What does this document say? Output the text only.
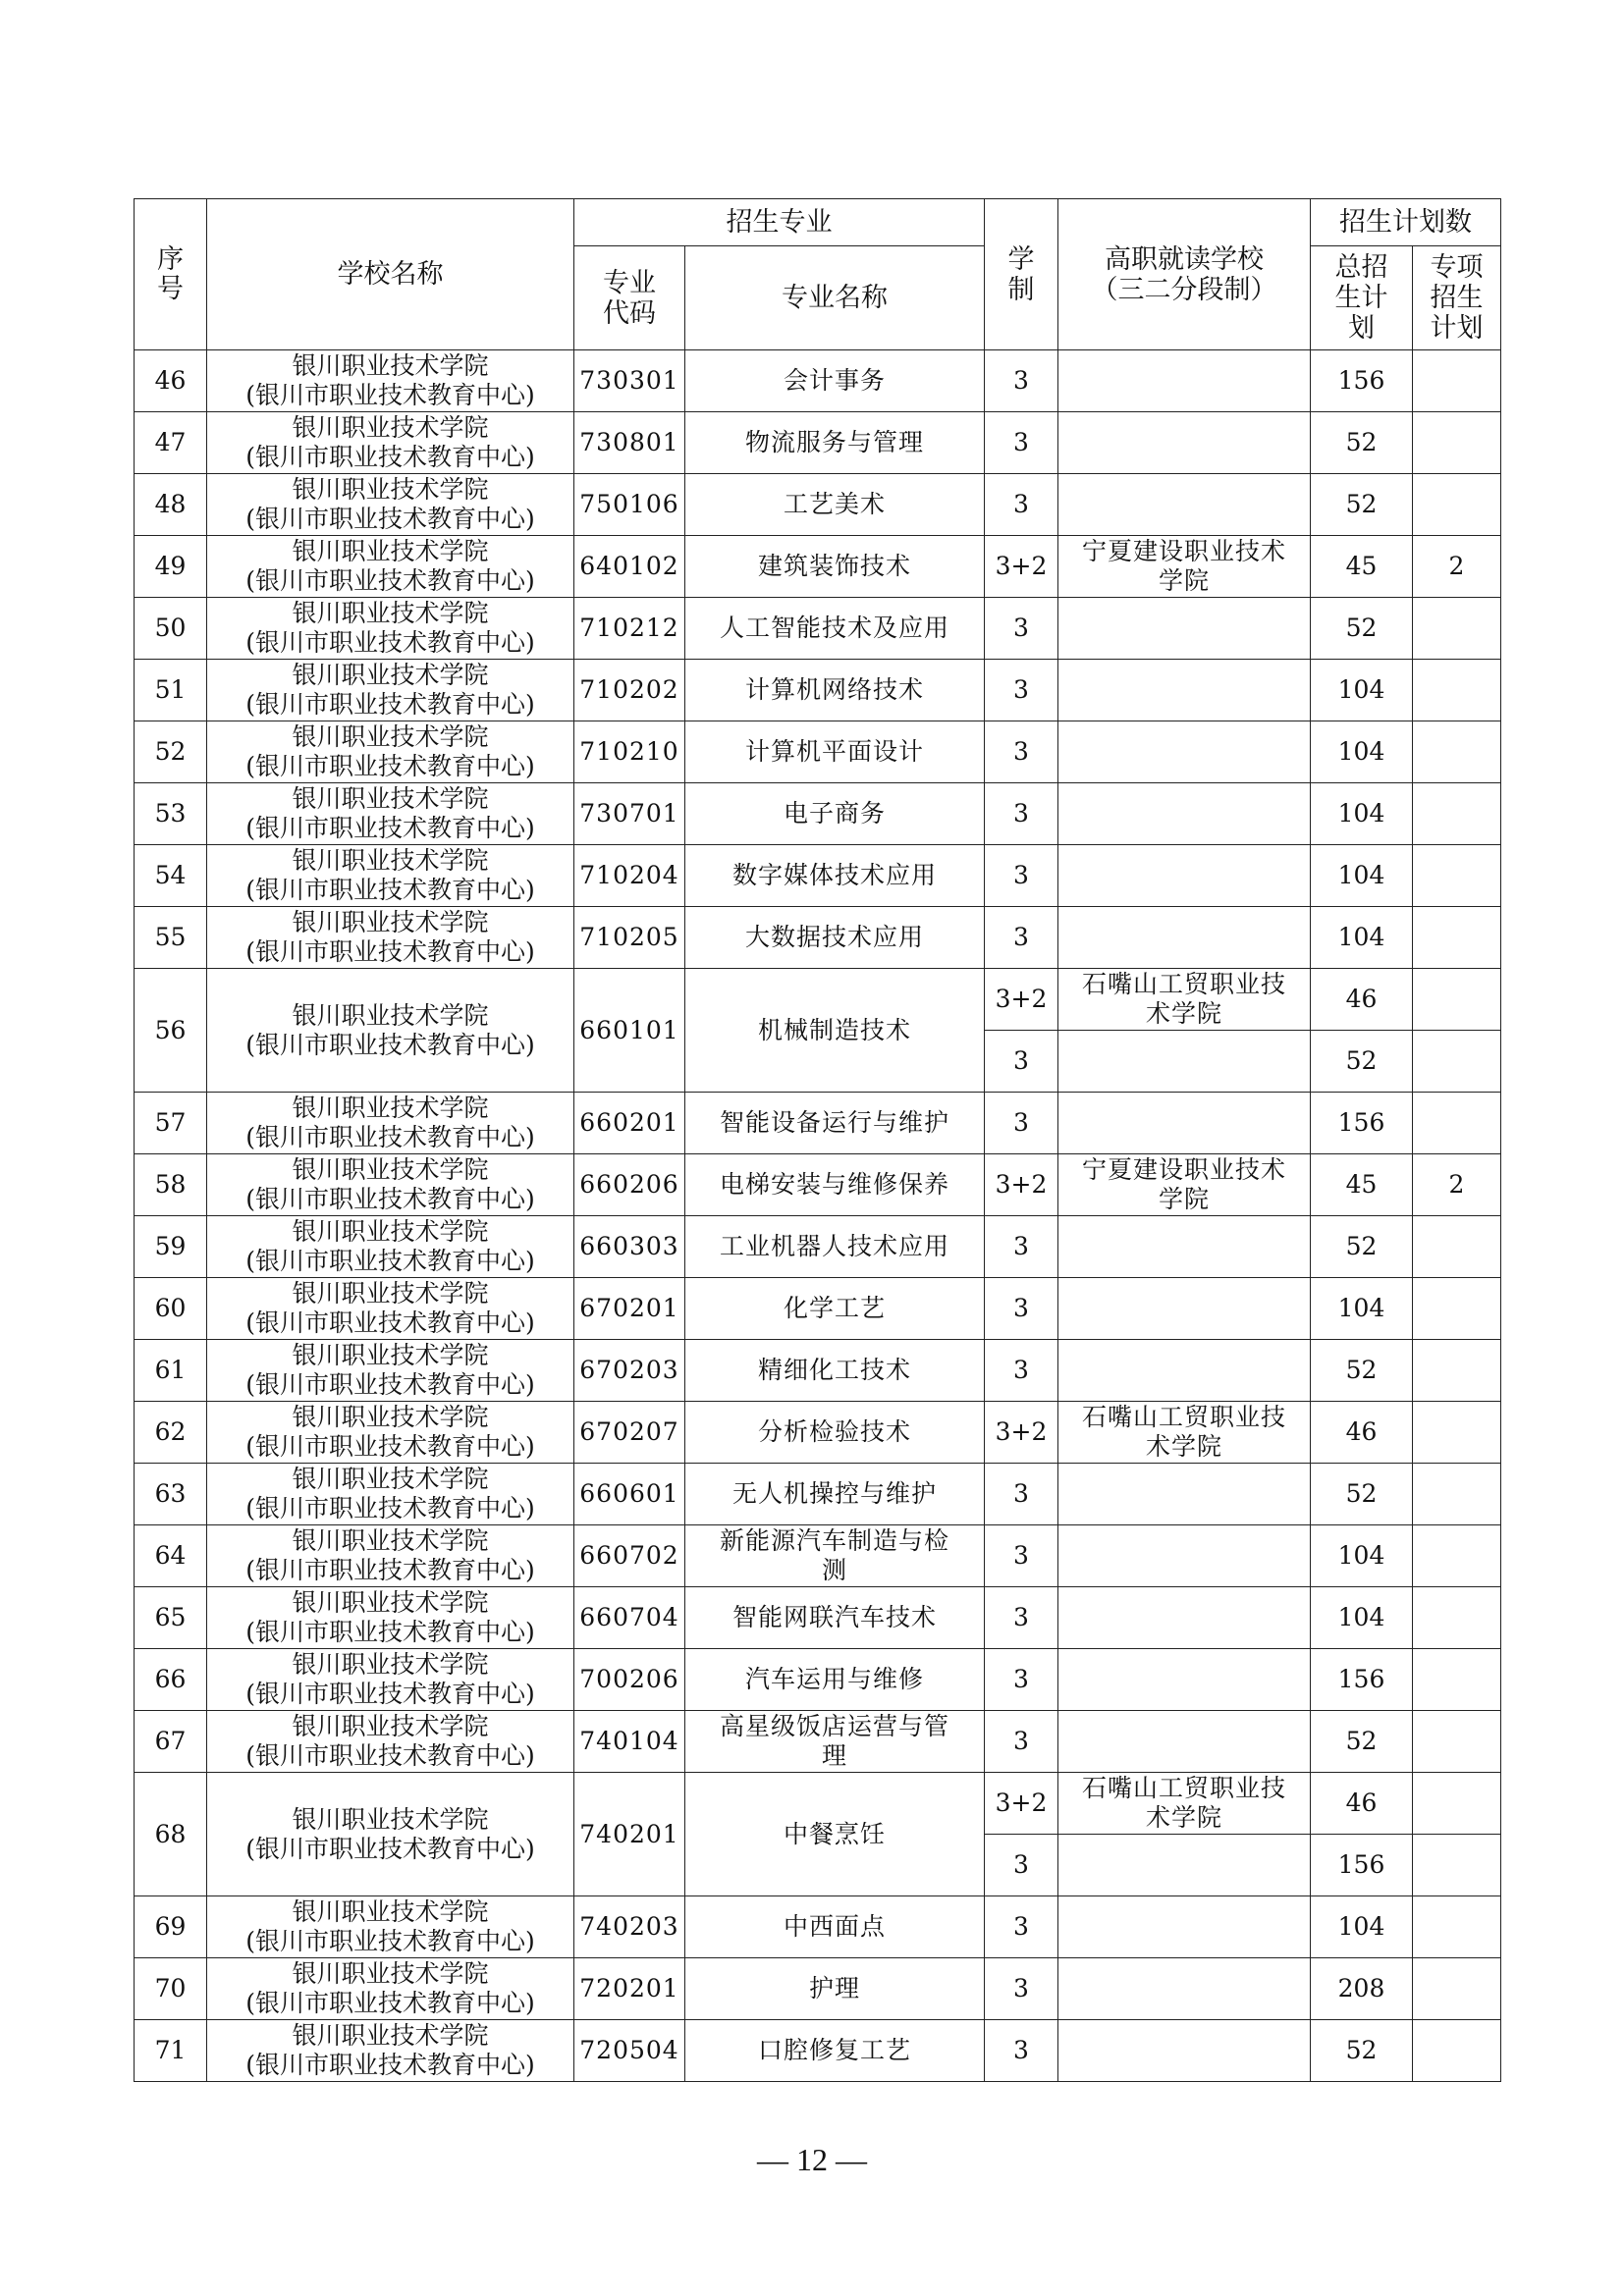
序
号	学校名称	招生专业		学
制	高职就读学校
（三二分段制）	招生计划数	
		专业
代码	专业名称			总招
生计
划	专项
招生
计划
46	银川职业技术学院
(银川市职业技术教育中心)	730301	会计事务	3		156	
47	银川职业技术学院
(银川市职业技术教育中心)	730801	物流服务与管理	3		52	
48	银川职业技术学院
(银川市职业技术教育中心)	750106	工艺美术	3		52	
49	银川职业技术学院
(银川市职业技术教育中心)	640102	建筑装饰技术	3+2	宁夏建设职业技术
学院	45	2
50	银川职业技术学院
(银川市职业技术教育中心)	710212	人工智能技术及应用	3		52	
51	银川职业技术学院
(银川市职业技术教育中心)	710202	计算机网络技术	3		104	
52	银川职业技术学院
(银川市职业技术教育中心)	710210	计算机平面设计	3		104	
53	银川职业技术学院
(银川市职业技术教育中心)	730701	电子商务	3		104	
54	银川职业技术学院
(银川市职业技术教育中心)	710204	数字媒体技术应用	3		104	
55	银川职业技术学院
(银川市职业技术教育中心)	710205	大数据技术应用	3		104	
56	银川职业技术学院
(银川市职业技术教育中心)	660101	机械制造技术	3+2	石嘴山工贸职业技
术学院	46	
				3		52	
57	银川职业技术学院
(银川市职业技术教育中心)	660201	智能设备运行与维护	3		156	
58	银川职业技术学院
(银川市职业技术教育中心)	660206	电梯安装与维修保养	3+2	宁夏建设职业技术
学院	45	2
59	银川职业技术学院
(银川市职业技术教育中心)	660303	工业机器人技术应用	3		52	
60	银川职业技术学院
(银川市职业技术教育中心)	670201	化学工艺	3		104	
61	银川职业技术学院
(银川市职业技术教育中心)	670203	精细化工技术	3		52	
62	银川职业技术学院
(银川市职业技术教育中心)	670207	分析检验技术	3+2	石嘴山工贸职业技
术学院	46	
63	银川职业技术学院
(银川市职业技术教育中心)	660601	无人机操控与维护	3		52	
64	银川职业技术学院
(银川市职业技术教育中心)	660702	新能源汽车制造与检
测	3		104	
65	银川职业技术学院
(银川市职业技术教育中心)	660704	智能网联汽车技术	3		104	
66	银川职业技术学院
(银川市职业技术教育中心)	700206	汽车运用与维修	3		156	
67	银川职业技术学院
(银川市职业技术教育中心)	740104	高星级饭店运营与管
理	3		52	
68	银川职业技术学院
(银川市职业技术教育中心)	740201	中餐烹饪	3+2	石嘴山工贸职业技
术学院	46	
				3		156	
69	银川职业技术学院
(银川市职业技术教育中心)	740203	中西面点	3		104	
70	银川职业技术学院
(银川市职业技术教育中心)	720201	护理	3		208	
71	银川职业技术学院
(银川市职业技术教育中心)	720504	口腔修复工艺	3		52	
— 12 —
